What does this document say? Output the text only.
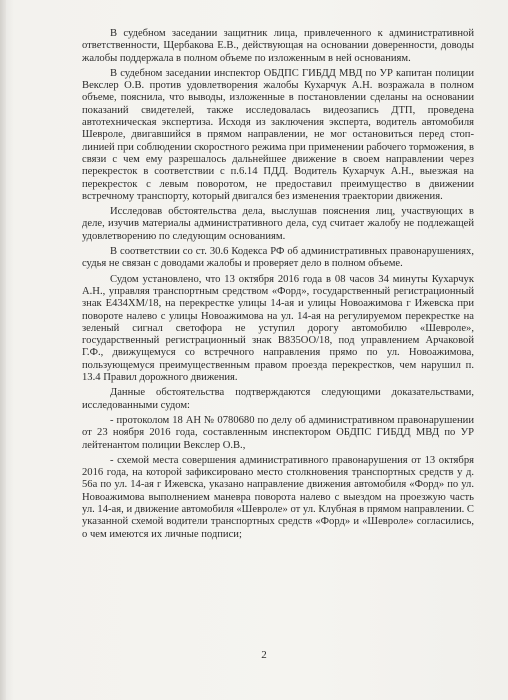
В судебном заседании защитник лица, привлеченного к административной ответственности, Щербакова Е.В., действующая на основании доверенности, доводы жалобы поддержала в полном объеме по изложенным в ней основаниям.

В судебном заседании инспектор ОБДПС ГИБДД МВД по УР капитан полиции Векслер О.В. против удовлетворения жалобы Кухарчук А.Н. возражала в полном объеме, пояснила, что выводы, изложенные в постановлении сделаны на основании показаний свидетелей, также исследовалась видеозапись ДТП, проведена автотехническая экспертиза. Исходя из заключения эксперта, водитель автомобиля Шевроле, двигавшийся в прямом направлении, не мог остановиться перед стоп-линией при соблюдении скоростного режима при применении рабочего торможения, в связи с чем ему разрешалось дальнейшее движение в своем направлении через перекресток в соответствии с п.6.14 ПДД. Водитель Кухарчук А.Н., выезжая на перекресток с левым поворотом, не предоставил преимущество в движении встречному транспорту, который двигался без изменения траектории движения.

Исследовав обстоятельства дела, выслушав пояснения лиц, участвующих в деле, изучив материалы административного дела, суд считает жалобу не подлежащей удовлетворению по следующим основаниям.

В соответствии со ст. 30.6 Кодекса РФ об административных правонарушениях, судья не связан с доводами жалобы и проверяет дело в полном объеме.

Судом установлено, что 13 октября 2016 года в 08 часов 34 минуты Кухарчук А.Н., управляя транспортным средством «Форд», государственный регистрационный знак Е434ХМ/18, на перекрестке улицы 14-ая и улицы Новоажимова г Ижевска при повороте налево с улицы Новоажимова на ул. 14-ая на регулируемом перекрестке на зеленый сигнал светофора не уступил дорогу автомобилю «Шевроле», государственный регистрационный знак В835ОО/18, под управлением Арчаковой Г.Ф., движущемуся со встречного направления прямо по ул. Новоажимова, пользующемуся преимущественным правом проезда перекрестков, чем нарушил п. 13.4 Правил дорожного движения.

Данные обстоятельства подтверждаются следующими доказательствами, исследованными судом:

- протоколом 18 АН № 0780680 по делу об административном правонарушении от 23 ноября 2016 года, составленным инспектором ОБДПС ГИБДД МВД по УР лейтенантом полиции Векслер О.В.,

- схемой места совершения административного правонарушения от 13 октября 2016 года, на которой зафиксировано место столкновения транспортных средств у д. 56а по ул. 14-ая г Ижевска, указано направление движения автомобиля «Форд» по ул. Новоажимова выполнением маневра поворота налево с выездом на проезжую часть ул. 14-ая, и движение автомобиля «Шевроле» от ул. Клубная в прямом направлении. С указанной схемой водители транспортных средств «Форд» и «Шевроле» согласились, о чем имеются их личные подписи;

2
